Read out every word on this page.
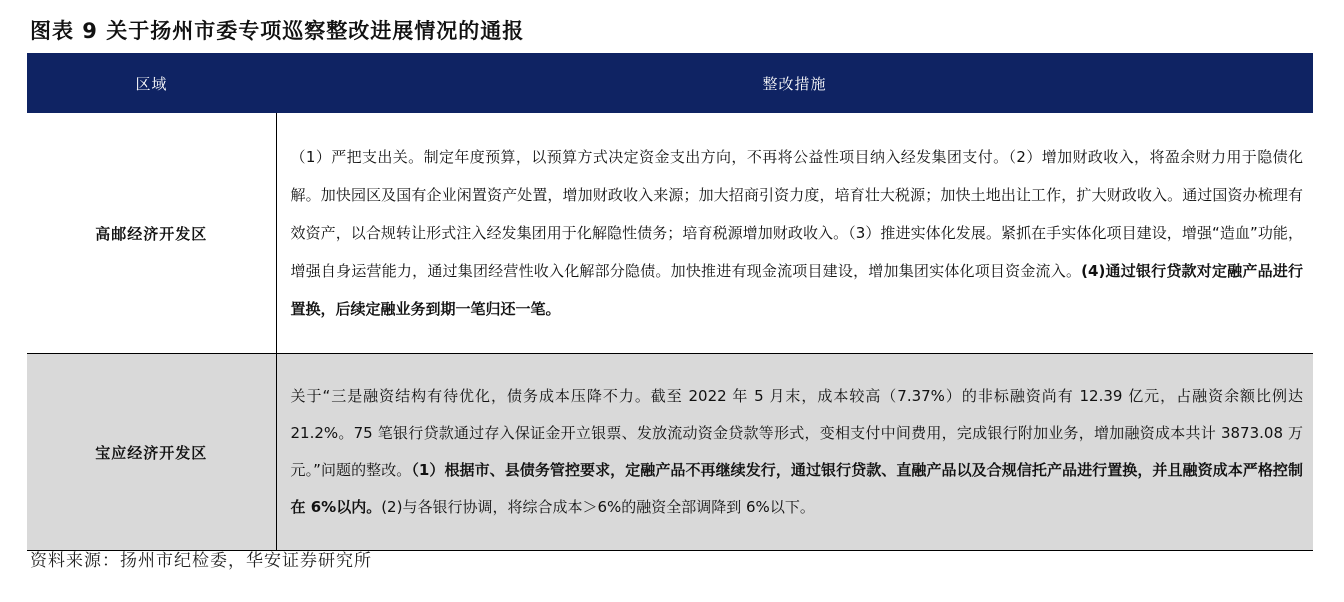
图表 9 关于扬州市委专项巡察整改进展情况的通报
区域	整改措施
高邮经济开发区	（1）严把支出关。制定年度预算，以预算方式决定资金支出方向，不再将公益性项目纳入经发集团支付。（2）增加财政收入，将盈余财力用于隐债化解。加快园区及国有企业闲置资产处置，增加财政收入来源；加大招商引资力度，培育壮大税源；加快土地出让工作，扩大财政收入。通过国资办梳理有效资产，以合规转让形式注入经发集团用于化解隐性债务；培育税源增加财政收入。（3）推进实体化发展。紧抓在手实体化项目建设，增强“造血”功能，增强自身运营能力，通过集团经营性收入化解部分隐债。加快推进有现金流项目建设，增加集团实体化项目资金流入。(4)通过银行贷款对定融产品进行置换，后续定融业务到期一笔归还一笔。
宝应经济开发区	关于“三是融资结构有待优化，债务成本压降不力。截至 2022 年 5 月末，成本较高（7.37%）的非标融资尚有 12.39 亿元，占融资余额比例达 21.2%。75 笔银行贷款通过存入保证金开立银票、发放流动资金贷款等形式，变相支付中间费用，完成银行附加业务，增加融资成本共计 3873.08 万元。”问题的整改。（1）根据市、县债务管控要求，定融产品不再继续发行，通过银行贷款、直融产品以及合规信托产品进行置换，并且融资成本严格控制在 6%以内。(2)与各银行协调，将综合成本＞6%的融资全部调降到 6%以下。
资料来源：扬州市纪检委，华安证券研究所
